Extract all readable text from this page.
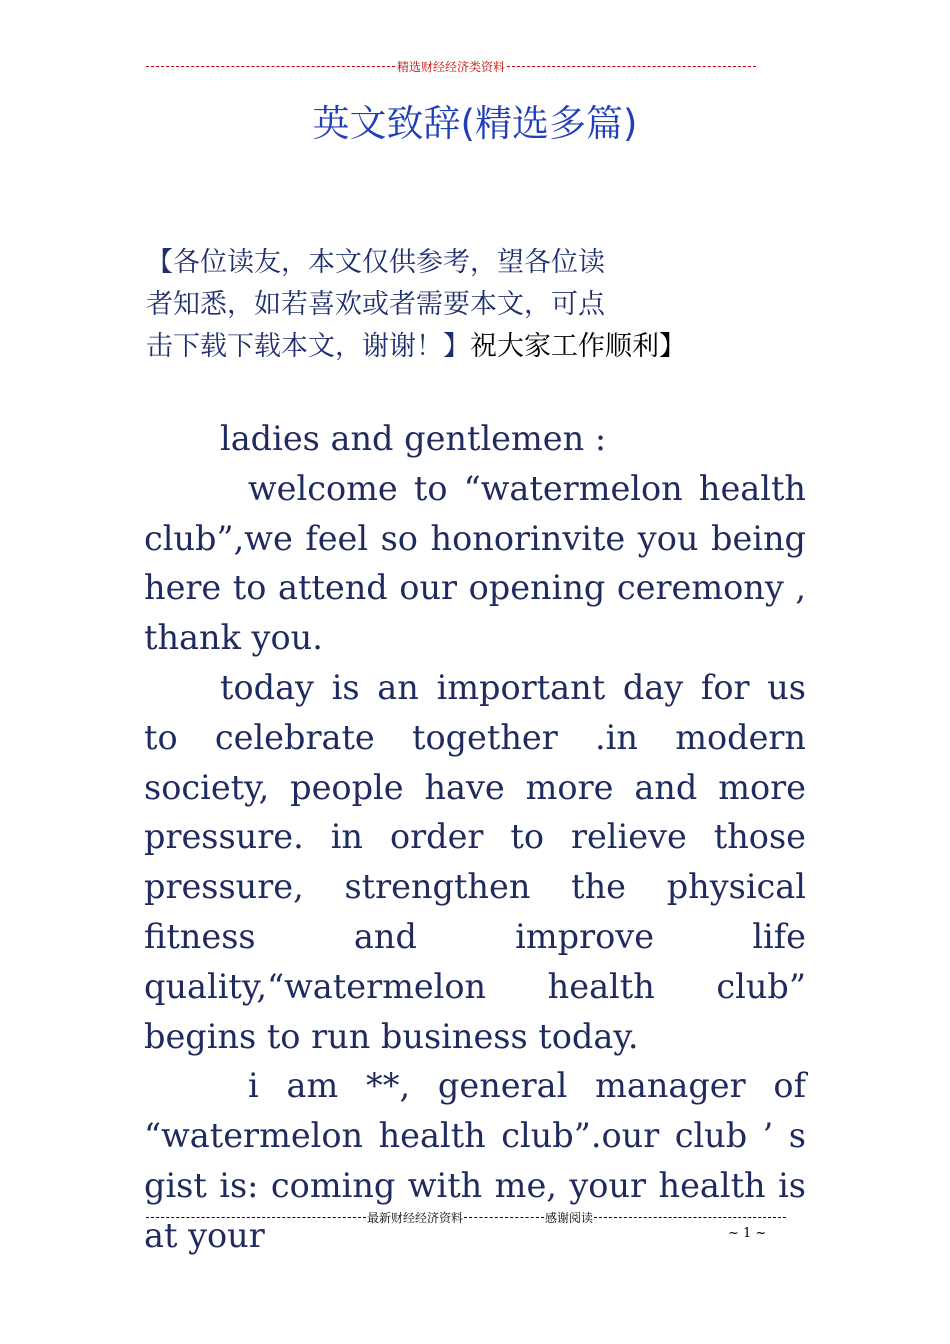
精选财经经济类资料
英文致辞(精选多篇)
【各位读友，本文仅供参考，望各位读
者知悉，如若喜欢或者需要本文，可点
击下载下载本文，谢谢！】祝大家工作顺利】

ladies and gentlemen :

welcome to “watermelon health club”,we feel so honorinvite you being here to attend our opening ceremony , thank you.

today is an important day for us to celebrate together .in modern society, people have more and more pressure. in order to relieve those pressure, strengthen the physical fitness and improve life quality,“watermelon health club” begins to run business today.

i am **, general manager of “watermelon health club”.our club ’ s gist is: coming with me, your health is at your	最新财经经济资料	感谢阅读
~ 1 ~
